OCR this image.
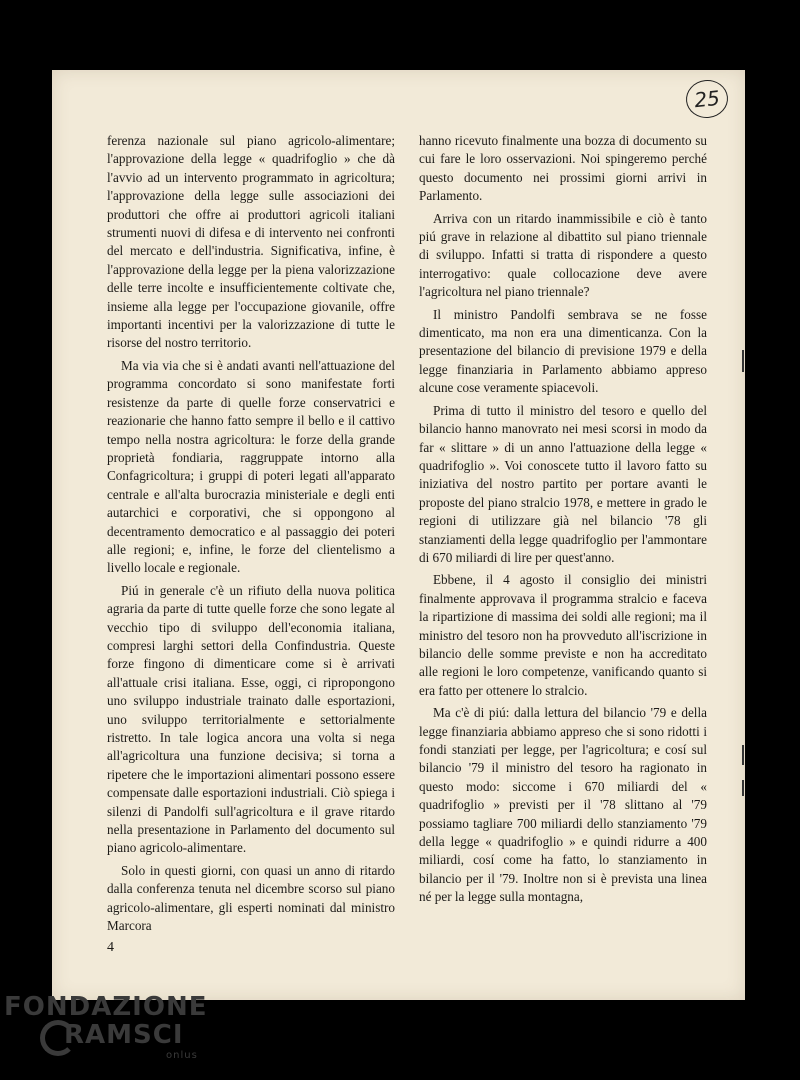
25

ferenza nazionale sul piano agricolo-alimentare; l'approvazione della legge « quadrifoglio » che dà l'avvio ad un intervento programmato in agricoltura; l'approvazione della legge sulle associazioni dei produttori che offre ai produttori agricoli italiani strumenti nuovi di difesa e di intervento nei confronti del mercato e dell'industria. Significativa, infine, è l'approvazione della legge per la piena valorizzazione delle terre incolte e insufficientemente coltivate che, insieme alla legge per l'occupazione giovanile, offre importanti incentivi per la valorizzazione di tutte le risorse del nostro territorio.

Ma via via che si è andati avanti nell'attuazione del programma concordato si sono manifestate forti resistenze da parte di quelle forze conservatrici e reazionarie che hanno fatto sempre il bello e il cattivo tempo nella nostra agricoltura: le forze della grande proprietà fondiaria, raggruppate intorno alla Confagricoltura; i gruppi di poteri legati all'apparato centrale e all'alta burocrazia ministeriale e degli enti autarchici e corporativi, che si oppongono al decentramento democratico e al passaggio dei poteri alle regioni; e, infine, le forze del clientelismo a livello locale e regionale.

Piú in generale c'è un rifiuto della nuova politica agraria da parte di tutte quelle forze che sono legate al vecchio tipo di sviluppo dell'economia italiana, compresi larghi settori della Confindustria. Queste forze fingono di dimenticare come si è arrivati all'attuale crisi italiana. Esse, oggi, ci ripropongono uno sviluppo industriale trainato dalle esportazioni, uno sviluppo territorialmente e settorialmente ristretto. In tale logica ancora una volta si nega all'agricoltura una funzione decisiva; si torna a ripetere che le importazioni alimentari possono essere compensate dalle esportazioni industriali. Ciò spiega i silenzi di Pandolfi sull'agricoltura e il grave ritardo nella presentazione in Parlamento del documento sul piano agricolo-alimentare.

Solo in questi giorni, con quasi un anno di ritardo dalla conferenza tenuta nel dicembre scorso sul piano agricolo-alimentare, gli esperti nominati dal ministro Marcora

hanno ricevuto finalmente una bozza di documento su cui fare le loro osservazioni. Noi spingeremo perché questo documento nei prossimi giorni arrivi in Parlamento.

Arriva con un ritardo inammissibile e ciò è tanto piú grave in relazione al dibattito sul piano triennale di sviluppo. Infatti si tratta di rispondere a questo interrogativo: quale collocazione deve avere l'agricoltura nel piano triennale?

Il ministro Pandolfi sembrava se ne fosse dimenticato, ma non era una dimenticanza. Con la presentazione del bilancio di previsione 1979 e della legge finanziaria in Parlamento abbiamo appreso alcune cose veramente spiacevoli.

Prima di tutto il ministro del tesoro e quello del bilancio hanno manovrato nei mesi scorsi in modo da far « slittare » di un anno l'attuazione della legge « quadrifoglio ». Voi conoscete tutto il lavoro fatto su iniziativa del nostro partito per portare avanti le proposte del piano stralcio 1978, e mettere in grado le regioni di utilizzare già nel bilancio '78 gli stanziamenti della legge quadrifoglio per l'ammontare di 670 miliardi di lire per quest'anno.

Ebbene, il 4 agosto il consiglio dei ministri finalmente approvava il programma stralcio e faceva la ripartizione di massima dei soldi alle regioni; ma il ministro del tesoro non ha provveduto all'iscrizione in bilancio delle somme previste e non ha accreditato alle regioni le loro competenze, vanificando quanto si era fatto per ottenere lo stralcio.

Ma c'è di piú: dalla lettura del bilancio '79 e della legge finanziaria abbiamo appreso che si sono ridotti i fondi stanziati per legge, per l'agricoltura; e cosí sul bilancio '79 il ministro del tesoro ha ragionato in questo modo: siccome i 670 miliardi del « quadrifoglio » previsti per il '78 slittano al '79 possiamo tagliare 700 miliardi dello stanziamento '79 della legge « quadrifoglio » e quindi ridurre a 400 miliardi, cosí come ha fatto, lo stanziamento in bilancio per il '79. Inoltre non si è prevista una linea né per la legge sulla montagna,

4
FONDAZIONE
RAMSCI
onlus
